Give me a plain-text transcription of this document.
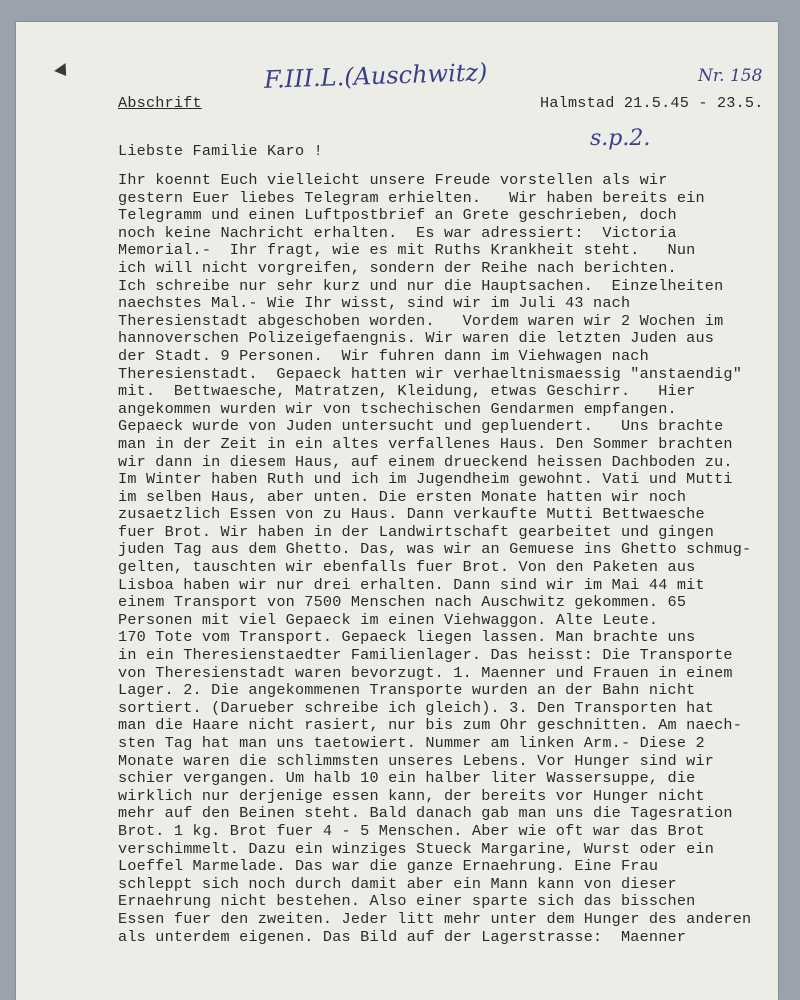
Abschrift
F.III.L.(Auschwitz)	Nr. 158
Halmstad 21.5.45 - 23.5.
Liebste Familie Karo !	s.p.2.
Ihr koennt Euch vielleicht unsere Freude vorstellen als wir
gestern Euer liebes Telegram erhielten.   Wir haben bereits ein
Telegramm und einen Luftpostbrief an Grete geschrieben, doch
noch keine Nachricht erhalten.  Es war adressiert:  Victoria
Memorial.-  Ihr fragt, wie es mit Ruths Krankheit steht.   Nun
ich will nicht vorgreifen, sondern der Reihe nach berichten.
Ich schreibe nur sehr kurz und nur die Hauptsachen.  Einzelheiten
naechstes Mal.- Wie Ihr wisst, sind wir im Juli 43 nach
Theresienstadt abgeschoben worden.   Vordem waren wir 2 Wochen im
hannoverschen Polizeigefaengnis. Wir waren die letzten Juden aus
der Stadt. 9 Personen.  Wir fuhren dann im Viehwagen nach
Theresienstadt.  Gepaeck hatten wir verhaeltnismaessig "anstaendig"
mit.  Bettwaesche, Matratzen, Kleidung, etwas Geschirr.   Hier
angekommen wurden wir von tschechischen Gendarmen empfangen.
Gepaeck wurde von Juden untersucht und gepluendert.   Uns brachte
man in der Zeit in ein altes verfallenes Haus. Den Sommer brachten
wir dann in diesem Haus, auf einem drueckend heissen Dachboden zu.
Im Winter haben Ruth und ich im Jugendheim gewohnt. Vati und Mutti
im selben Haus, aber unten. Die ersten Monate hatten wir noch
zusaetzlich Essen von zu Haus. Dann verkaufte Mutti Bettwaesche
fuer Brot. Wir haben in der Landwirtschaft gearbeitet und gingen
juden Tag aus dem Ghetto. Das, was wir an Gemuese ins Ghetto schmug-
gelten, tauschten wir ebenfalls fuer Brot. Von den Paketen aus
Lisboa haben wir nur drei erhalten. Dann sind wir im Mai 44 mit
einem Transport von 7500 Menschen nach Auschwitz gekommen. 65
Personen mit viel Gepaeck im einen Viehwaggon. Alte Leute.
170 Tote vom Transport. Gepaeck liegen lassen. Man brachte uns
in ein Theresienstaedter Familienlager. Das heisst: Die Transporte
von Theresienstadt waren bevorzugt. 1. Maenner und Frauen in einem
Lager. 2. Die angekommenen Transporte wurden an der Bahn nicht
sortiert. (Darueber schreibe ich gleich). 3. Den Transporten hat
man die Haare nicht rasiert, nur bis zum Ohr geschnitten. Am naech-
sten Tag hat man uns taetowiert. Nummer am linken Arm.- Diese 2
Monate waren die schlimmsten unseres Lebens. Vor Hunger sind wir
schier vergangen. Um halb 10 ein halber liter Wassersuppe, die
wirklich nur derjenige essen kann, der bereits vor Hunger nicht
mehr auf den Beinen steht. Bald danach gab man uns die Tagesration
Brot. 1 kg. Brot fuer 4 - 5 Menschen. Aber wie oft war das Brot
verschimmelt. Dazu ein winziges Stueck Margarine, Wurst oder ein
Loeffel Marmelade. Das war die ganze Ernaehrung. Eine Frau
schleppt sich noch durch damit aber ein Mann kann von dieser
Ernaehrung nicht bestehen. Also einer sparte sich das bisschen
Essen fuer den zweiten. Jeder litt mehr unter dem Hunger des anderen
als unterdem eigenen. Das Bild auf der Lagerstrasse:  Maenner
